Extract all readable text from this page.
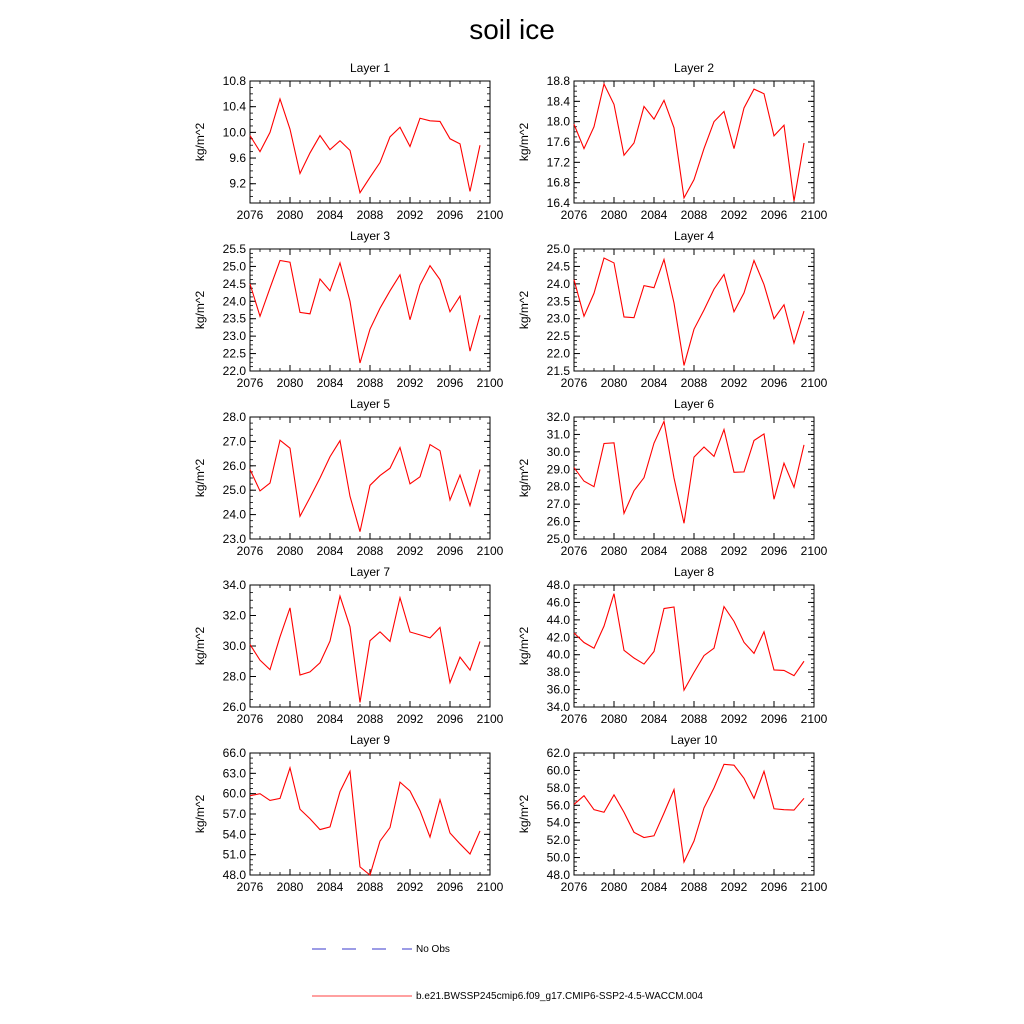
soil ice
Layer 1
9.2
9.6
10.0
10.4
10.8
2076 2080 2084 2088 2092 2096 2100
kg/m^2
Layer 2
16.4
16.8
17.2
17.6
18.0
18.4
18.8
2076 2080 2084 2088 2092 2096 2100
kg/m^2
Layer 3
22.0
22.5
23.0
23.5
24.0
24.5
25.0
25.5
2076 2080 2084 2088 2092 2096 2100
kg/m^2
Layer 4
21.5
22.0
22.5
23.0
23.5
24.0
24.5
25.0
2076 2080 2084 2088 2092 2096 2100
kg/m^2
Layer 5
23.0
24.0
25.0
26.0
27.0
28.0
2076 2080 2084 2088 2092 2096 2100
kg/m^2
Layer 6
25.0
26.0
27.0
28.0
29.0
30.0
31.0
32.0
2076 2080 2084 2088 2092 2096 2100
kg/m^2
Layer 7
26.0
28.0
30.0
32.0
34.0
2076 2080 2084 2088 2092 2096 2100
kg/m^2
Layer 8
34.0
36.0
38.0
40.0
42.0
44.0
46.0
48.0
2076 2080 2084 2088 2092 2096 2100
kg/m^2
Layer 9
48.0
51.0
54.0
57.0
60.0
63.0
66.0
2076 2080 2084 2088 2092 2096 2100
kg/m^2
Layer 10
48.0
50.0
52.0
54.0
56.0
58.0
60.0
62.0
2076 2080 2084 2088 2092 2096 2100
kg/m^2
No Obs
b.e21.BWSSP245cmip6.f09_g17.CMIP6-SSP2-4.5-WACCM.004
